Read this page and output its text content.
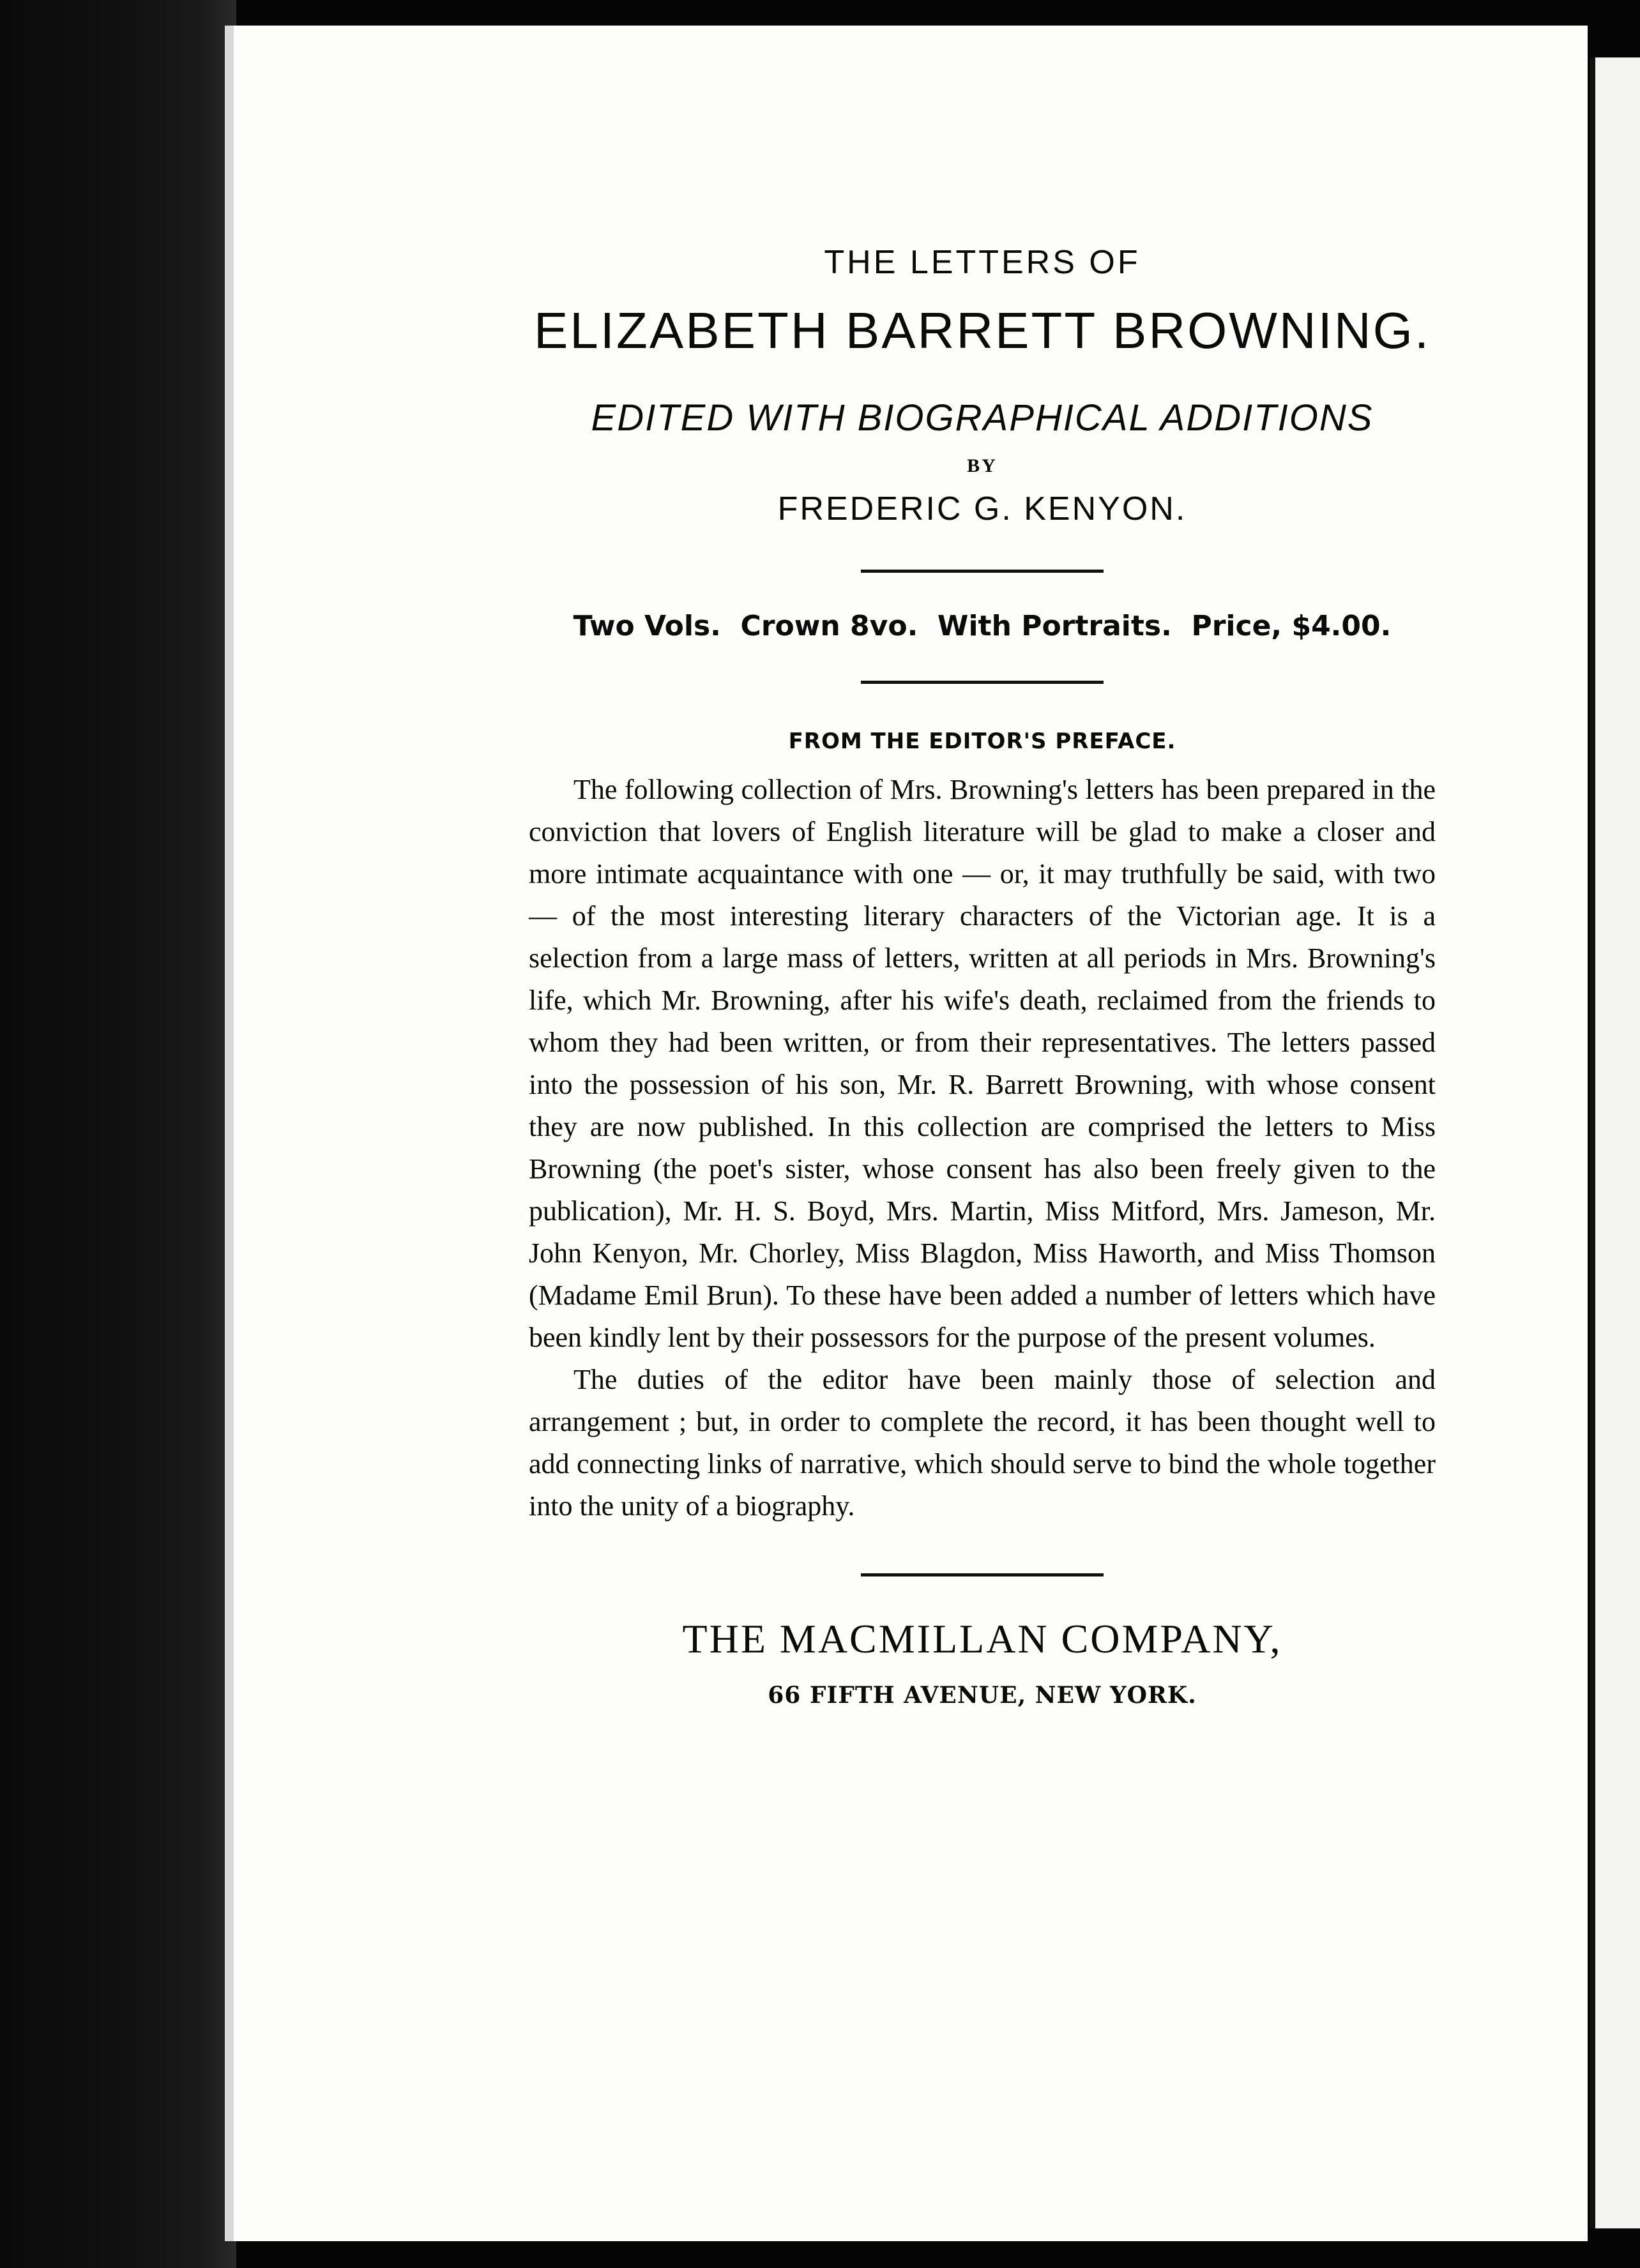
THE LETTERS OF
ELIZABETH BARRETT BROWNING.
EDITED WITH BIOGRAPHICAL ADDITIONS
BY
FREDERIC G. KENYON.
Two Vols.  Crown 8vo.  With Portraits.  Price, $4.00.
FROM THE EDITOR'S PREFACE.

The following collection of Mrs. Browning's letters has been prepared in the conviction that lovers of English literature will be glad to make a closer and more intimate acquaintance with one — or, it may truthfully be said, with two — of the most interesting literary characters of the Victorian age. It is a selection from a large mass of letters, written at all periods in Mrs. Browning's life, which Mr. Browning, after his wife's death, reclaimed from the friends to whom they had been written, or from their representatives. The letters passed into the possession of his son, Mr. R. Barrett Browning, with whose consent they are now published. In this collection are comprised the letters to Miss Browning (the poet's sister, whose consent has also been freely given to the publication), Mr. H. S. Boyd, Mrs. Martin, Miss Mitford, Mrs. Jameson, Mr. John Kenyon, Mr. Chorley, Miss Blagdon, Miss Haworth, and Miss Thomson (Madame Emil Brun). To these have been added a number of letters which have been kindly lent by their possessors for the purpose of the present volumes.

The duties of the editor have been mainly those of selection and arrangement ; but, in order to complete the record, it has been thought well to add connecting links of narrative, which should serve to bind the whole together into the unity of a biography.

THE MACMILLAN COMPANY,
66 FIFTH AVENUE, NEW YORK.
